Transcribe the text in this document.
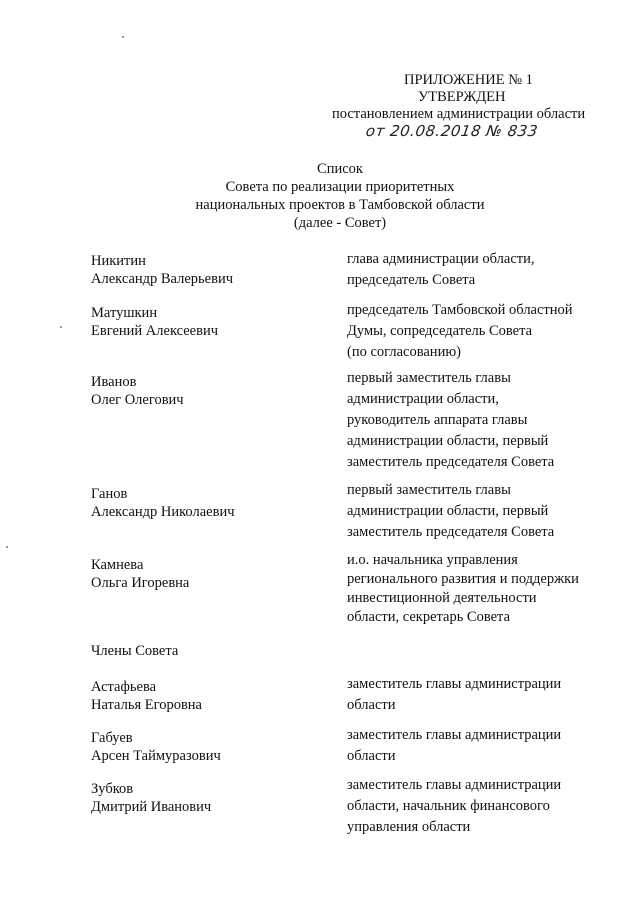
ПРИЛОЖЕНИЕ № 1
УТВЕРЖДЕН
постановлением администрации области
от 20.08.2018 № 833
Список
Совета по реализации приоритетных
национальных проектов в Тамбовской области
(далее - Совет)
Никитин
Александр Валерьевич
глава администрации области,
председатель Совета
Матушкин
Евгений Алексеевич
председатель Тамбовской областной
Думы, сопредседатель Совета
(по согласованию)
Иванов
Олег Олегович
первый заместитель главы
администрации области,
руководитель аппарата главы
администрации области, первый
заместитель председателя Совета
Ганов
Александр Николаевич
первый заместитель главы
администрации области, первый
заместитель председателя Совета
Камнева
Ольга Игоревна
и.о. начальника управления
регионального развития и поддержки
инвестиционной деятельности
области, секретарь Совета
Члены Совета
Астафьева
Наталья Егоровна
заместитель главы администрации
области
Габуев
Арсен Таймуразович
заместитель главы администрации
области
Зубков
Дмитрий Иванович
заместитель главы администрации
области, начальник финансового
управления области
